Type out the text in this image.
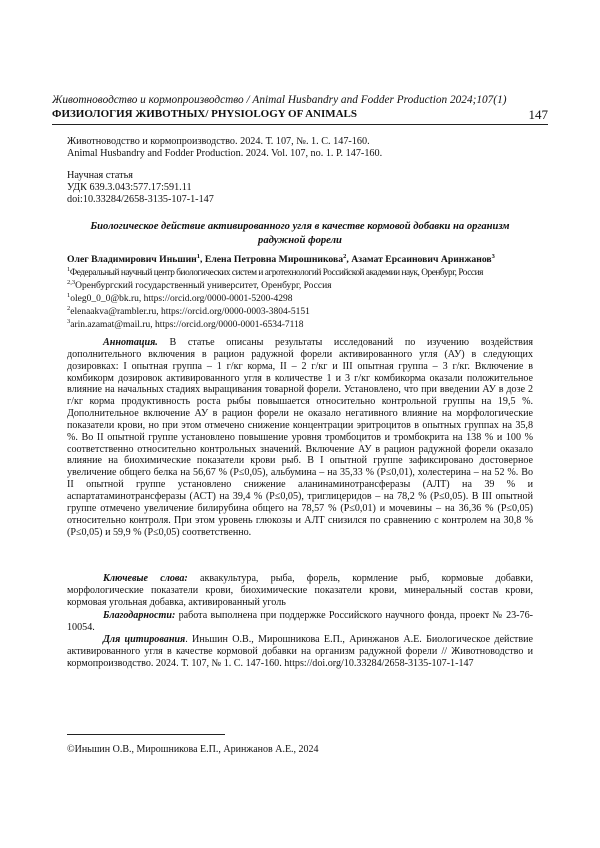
Животноводство и кормопроизводство / Animal Husbandry and Fodder Production 2024;107(1)
ФИЗИОЛОГИЯ ЖИВОТНЫХ/ PHYSIOLOGY OF ANIMALS	147
Животноводство и кормопроизводство. 2024. Т. 107, №. 1. С. 147-160.
Animal Husbandry and Fodder Production. 2024. Vol. 107, no. 1. P. 147-160.
Научная статья
УДК 639.3.043:577.17:591.11
doi:10.33284/2658-3135-107-1-147
Биологическое действие активированного угля в качестве кормовой добавки на организм радужной форели
Олег Владимирович Иньшин$^1$, Елена Петровна Мирошникова$^2$, Азамат Ерсаинович Аринжанов$^3$
$^1$Федеральный научный центр биологических систем и агротехнологий Российской академии наук, Оренбург, Россия
$^{2,3}$Оренбургский государственный университет, Оренбург, Россия
$^1$oleg0_0_0@bk.ru, https://orcid.org/0000-0001-5200-4298
$^2$elenaakva@rambler.ru, https://orcid.org/0000-0003-3804-5151
$^3$arin.azamat@mail.ru, https://orcid.org/0000-0001-6534-7118
Аннотация. В статье описаны результаты исследований по изучению воздействия дополнительного включения в рацион радужной форели активированного угля (АУ) в следующих дозировках: I опытная группа – 1 г/кг корма, II – 2 г/кг и III опытная группа – 3 г/кг. Включение в комбикорм дозировок активированного угля в количестве 1 и 3 г/кг комбикорма оказали положительное влияние на начальных стадиях выращивания товарной форели. Установлено, что при введении АУ в дозе 2 г/кг корма продуктивность роста рыбы повышается относительно контрольной группы на 19,5 %. Дополнительное включение АУ в рацион форели не оказало негативного влияние на морфологические показатели крови, но при этом отмечено снижение концентрации эритроцитов в опытных группах на 35,8 %. Во II опытной группе установлено повышение уровня тромбоцитов и тромбокрита на 138 % и 100 % соответственно относительно контрольных значений. Включение АУ в рацион радужной форели оказало влияние на биохимические показатели крови рыб. В I опытной группе зафиксировано достоверное увеличение общего белка на 56,67 % (Р≤0,05), альбумина – на 35,33 % (Р≤0,01), холестерина – на 52 %. Во II опытной группе установлено снижение аланинаминотрансферазы (АЛТ) на 39 % и аспартатаминотрансферазы (АСТ) на 39,4 % (Р≤0,05), триглицеридов – на 78,2 % (Р≤0,05). В III опытной группе отмечено увеличение билирубина общего на 78,57 % (Р≤0,01) и мочевины – на 36,36 % (Р≤0,05) относительно контроля. При этом уровень глюкозы и АЛТ снизился по сравнению с контролем на 30,8 % (Р≤0,05) и 59,9 % (Р≤0,05) соответственно.
Ключевые слова: аквакультура, рыба, форель, кормление рыб, кормовые добавки, морфологические показатели крови, биохимические показатели крови, минеральный состав крови, кормовая угольная добавка, активированный уголь
Благодарности: работа выполнена при поддержке Российского научного фонда, проект № 23-76-10054.
Для цитирования. Иньшин О.В., Мирошникова Е.П., Аринжанов А.Е. Биологическое действие активированного угля в качестве кормовой добавки на организм радужной форели // Животноводство и кормопроизводство. 2024. Т. 107, № 1. С. 147-160. https://doi.org/10.33284/2658-3135-107-1-147
©Иньшин О.В., Мирошникова Е.П., Аринжанов А.Е., 2024
